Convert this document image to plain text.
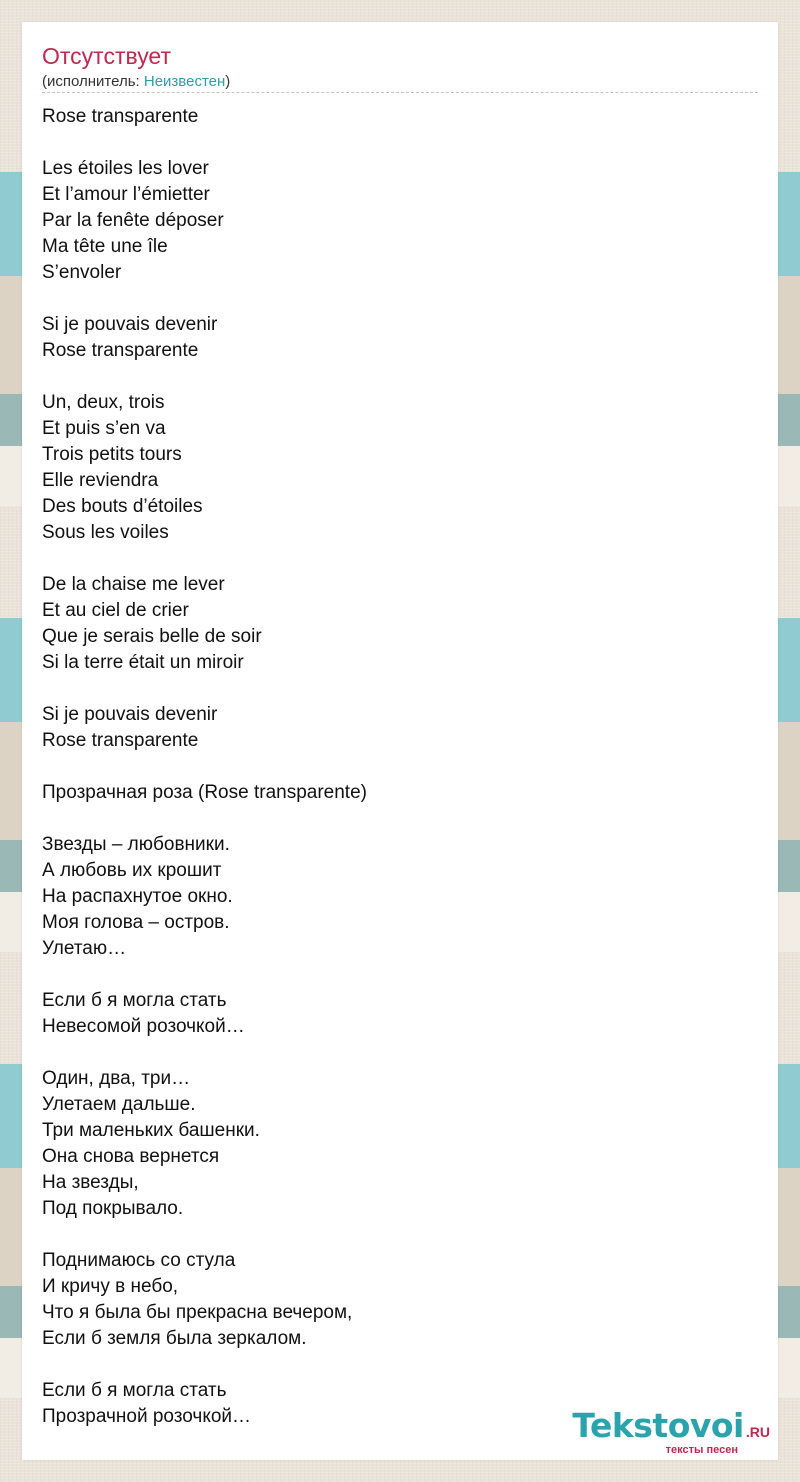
Отсутствует
(исполнитель: Неизвестен)
Rose transparente
Les étoiles les lover
Et l’amour l’émietter
Par la fenête déposer
Ma tête une île
S’envoler
Si je pouvais devenir
Rose transparente
Un, deux, trois
Et puis s’en va
Trois petits tours
Elle reviendra
Des bouts d’étoiles
Sous les voiles
De la chaise me lever
Et au ciel de crier
Que je serais belle de soir
Si la terre était un miroir
Si je pouvais devenir
Rose transparente
Прозрачная роза (Rose transparente)
Звезды – любовники.
А любовь их крошит
На распахнутое окно.
Моя голова – остров.
Улетаю…
Если б я могла стать
Невесомой розочкой…
Один, два, три…
Улетаем дальше.
Три маленьких башенки.
Она снова вернется
На звезды,
Под покрывало.
Поднимаюсь со стула
И кричу в небо,
Что я была бы прекрасна вечером,
Если б земля была зеркалом.
Если б я могла стать
Прозрачной розочкой…	Tekstovoi .RU
тексты песен
